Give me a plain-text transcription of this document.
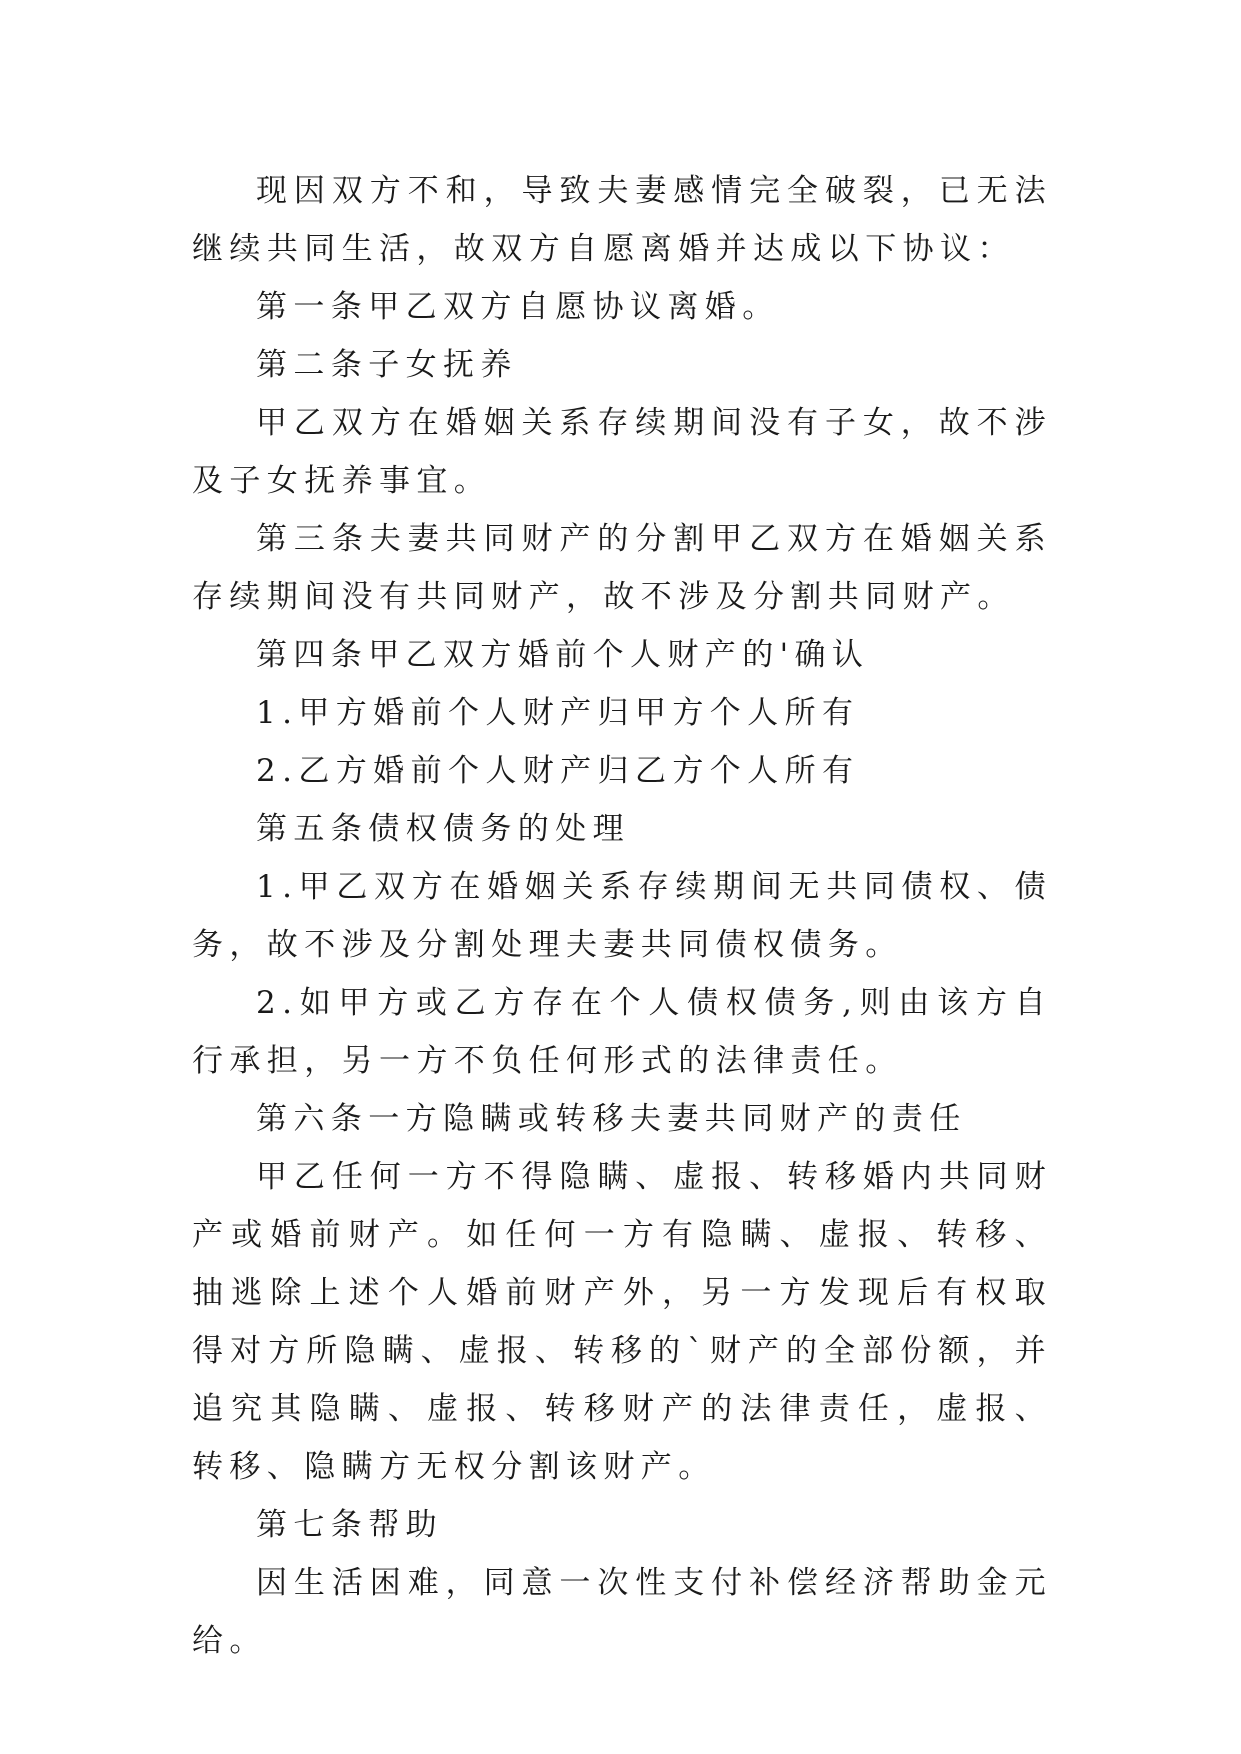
现因双方不和，导致夫妻感情完全破裂，已无法继续共同生活，故双方自愿离婚并达成以下协议：

第一条甲乙双方自愿协议离婚。

第二条子女抚养

甲乙双方在婚姻关系存续期间没有子女，故不涉及子女抚养事宜。

第三条夫妻共同财产的分割甲乙双方在婚姻关系存续期间没有共同财产，故不涉及分割共同财产。

第四条甲乙双方婚前个人财产的'确认

1.甲方婚前个人财产归甲方个人所有

2.乙方婚前个人财产归乙方个人所有

第五条债权债务的处理

1.甲乙双方在婚姻关系存续期间无共同债权、债务，故不涉及分割处理夫妻共同债权债务。

2.如甲方或乙方存在个人债权债务,则由该方自行承担，另一方不负任何形式的法律责任。

第六条一方隐瞒或转移夫妻共同财产的责任

甲乙任何一方不得隐瞒、虚报、转移婚内共同财产或婚前财产。如任何一方有隐瞒、虚报、转移、抽逃除上述个人婚前财产外，另一方发现后有权取得对方所隐瞒、虚报、转移的`财产的全部份额，并追究其隐瞒、虚报、转移财产的法律责任，虚报、转移、隐瞒方无权分割该财产。

第七条帮助

因生活困难，同意一次性支付补偿经济帮助金元给。
